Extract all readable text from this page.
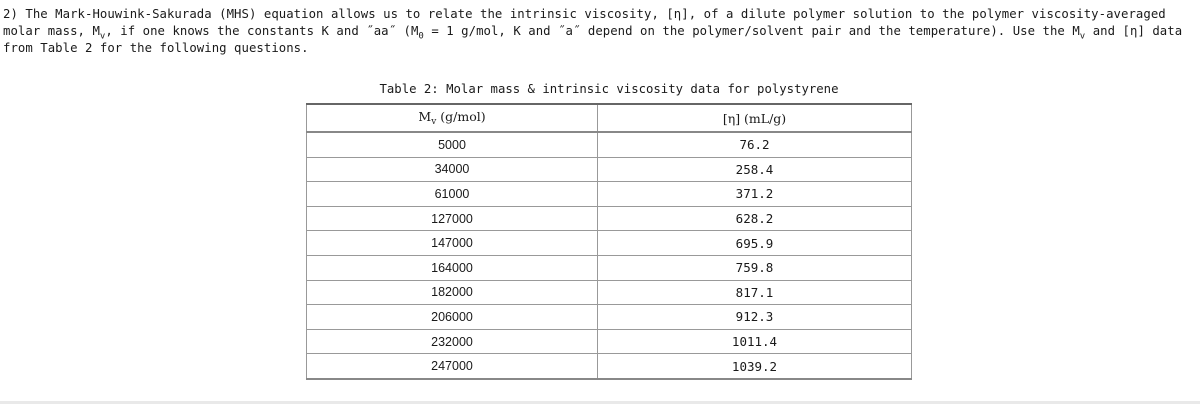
2) The Mark-Houwink-Sakurada (MHS) equation allows us to relate the intrinsic viscosity, [η], of a dilute polymer solution to the polymer viscosity-averaged molar mass, $M_v$, if one knows the constants K and ˝aa˝ ($M_0 = 1$ g/mol, K and ˝a˝ depend on the polymer/solvent pair and the temperature). Use the $M_v$ and [η] data from Table 2 for the following questions.

Table 2: Molar mass & intrinsic viscosity data for polystyrene

$M_v$ (g/mol)	[η] (mL/g)
5000	76.2
34000	258.4
61000	371.2
127000	628.2
147000	695.9
164000	759.8
182000	817.1
206000	912.3
232000	1011.4
247000	1039.2
